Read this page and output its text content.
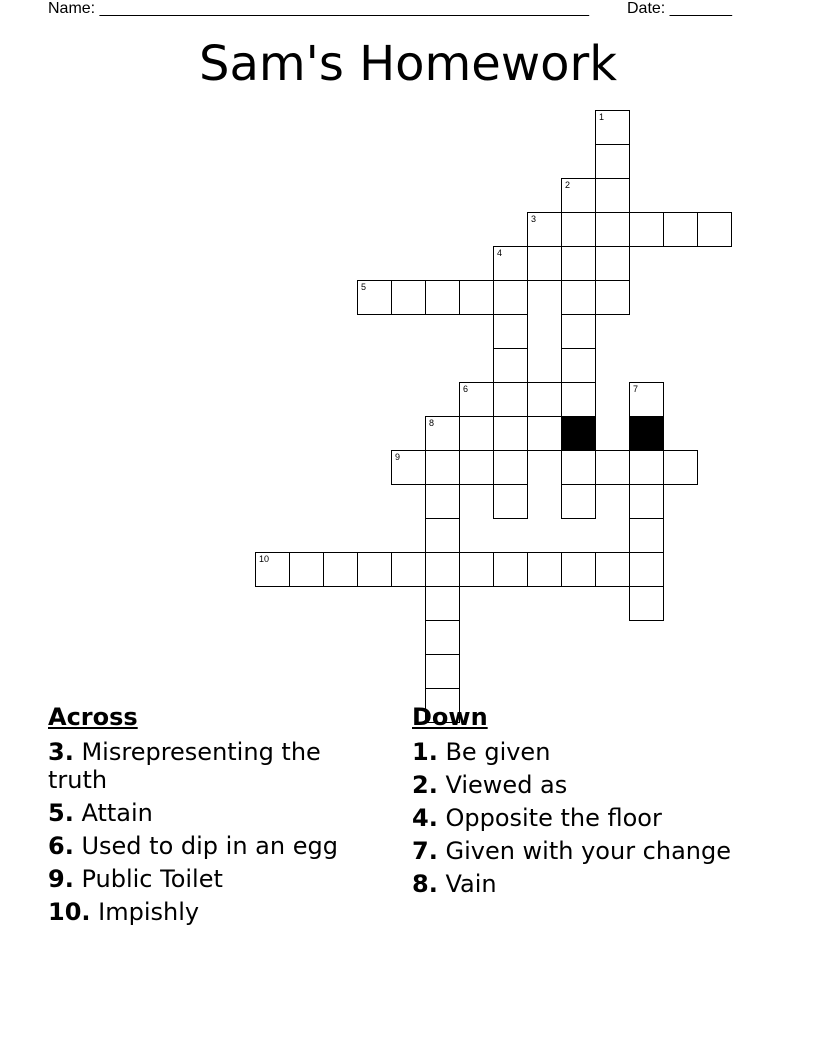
Name: _______________________________________________________ Date: _______
Sam's Homework
1
2
3
4
5
6	7
8
9
10
Across
3. Misrepresenting the truth
5. Attain
6. Used to dip in an egg
9. Public Toilet
10. Impishly
Down
1. Be given
2. Viewed as
4. Opposite the floor
7. Given with your change
8. Vain
